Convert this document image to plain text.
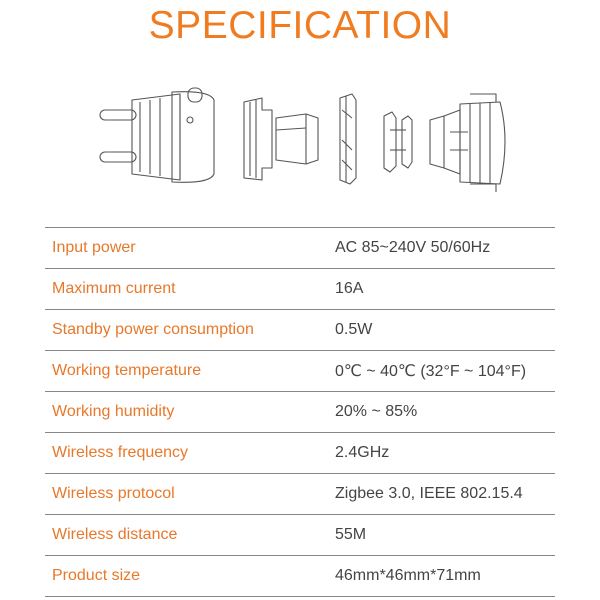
SPECIFICATION
Input power	AC 85~240V 50/60Hz
Maximum current	16A
Standby power consumption	0.5W
Working temperature	0℃ ~ 40℃ (32°F ~ 104°F)
Working humidity	20% ~ 85%
Wireless frequency	2.4GHz
Wireless protocol	Zigbee 3.0, IEEE 802.15.4
Wireless distance	55M
Product size	46mm*46mm*71mm
